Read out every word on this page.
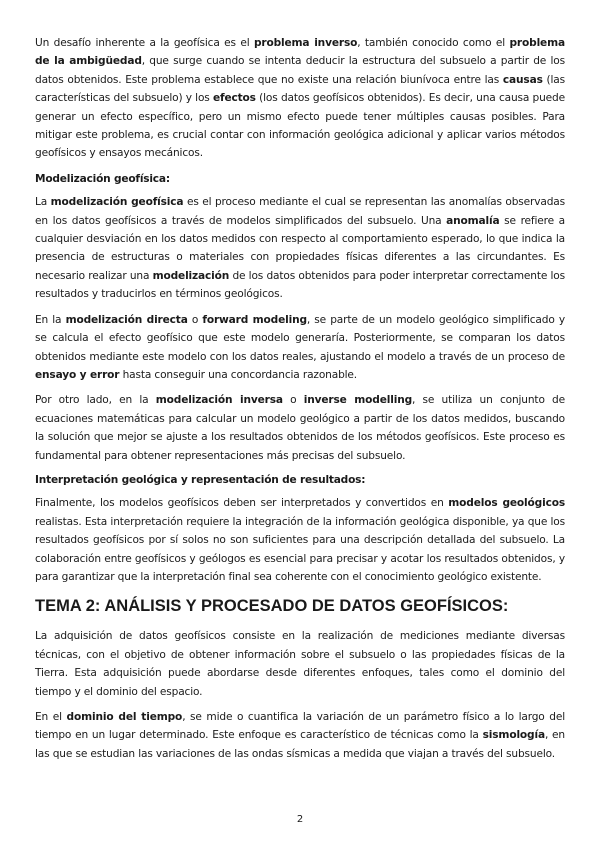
Un desafío inherente a la geofísica es el problema inverso, también conocido como el problema de la ambigüedad, que surge cuando se intenta deducir la estructura del subsuelo a partir de los datos obtenidos. Este problema establece que no existe una relación biunívoca entre las causas (las características del subsuelo) y los efectos (los datos geofísicos obtenidos). Es decir, una causa puede generar un efecto específico, pero un mismo efecto puede tener múltiples causas posibles. Para mitigar este problema, es crucial contar con información geológica adicional y aplicar varios métodos geofísicos y ensayos mecánicos.

Modelización geofísica:

La modelización geofísica es el proceso mediante el cual se representan las anomalías observadas en los datos geofísicos a través de modelos simplificados del subsuelo. Una anomalía se refiere a cualquier desviación en los datos medidos con respecto al comportamiento esperado, lo que indica la presencia de estructuras o materiales con propiedades físicas diferentes a las circundantes. Es necesario realizar una modelización de los datos obtenidos para poder interpretar correctamente los resultados y traducirlos en términos geológicos.

En la modelización directa o forward modeling, se parte de un modelo geológico simplificado y se calcula el efecto geofísico que este modelo generaría. Posteriormente, se comparan los datos obtenidos mediante este modelo con los datos reales, ajustando el modelo a través de un proceso de ensayo y error hasta conseguir una concordancia razonable.

Por otro lado, en la modelización inversa o inverse modelling, se utiliza un conjunto de ecuaciones matemáticas para calcular un modelo geológico a partir de los datos medidos, buscando la solución que mejor se ajuste a los resultados obtenidos de los métodos geofísicos. Este proceso es fundamental para obtener representaciones más precisas del subsuelo.

Interpretación geológica y representación de resultados:

Finalmente, los modelos geofísicos deben ser interpretados y convertidos en modelos geológicos realistas. Esta interpretación requiere la integración de la información geológica disponible, ya que los resultados geofísicos por sí solos no son suficientes para una descripción detallada del subsuelo. La colaboración entre geofísicos y geólogos es esencial para precisar y acotar los resultados obtenidos, y para garantizar que la interpretación final sea coherente con el conocimiento geológico existente.

TEMA 2: ANÁLISIS Y PROCESADO DE DATOS GEOFÍSICOS:

La adquisición de datos geofísicos consiste en la realización de mediciones mediante diversas técnicas, con el objetivo de obtener información sobre el subsuelo o las propiedades físicas de la Tierra. Esta adquisición puede abordarse desde diferentes enfoques, tales como el dominio del tiempo y el dominio del espacio.

En el dominio del tiempo, se mide o cuantifica la variación de un parámetro físico a lo largo del tiempo en un lugar determinado. Este enfoque es característico de técnicas como la sismología, en las que se estudian las variaciones de las ondas sísmicas a medida que viajan a través del subsuelo.

2
